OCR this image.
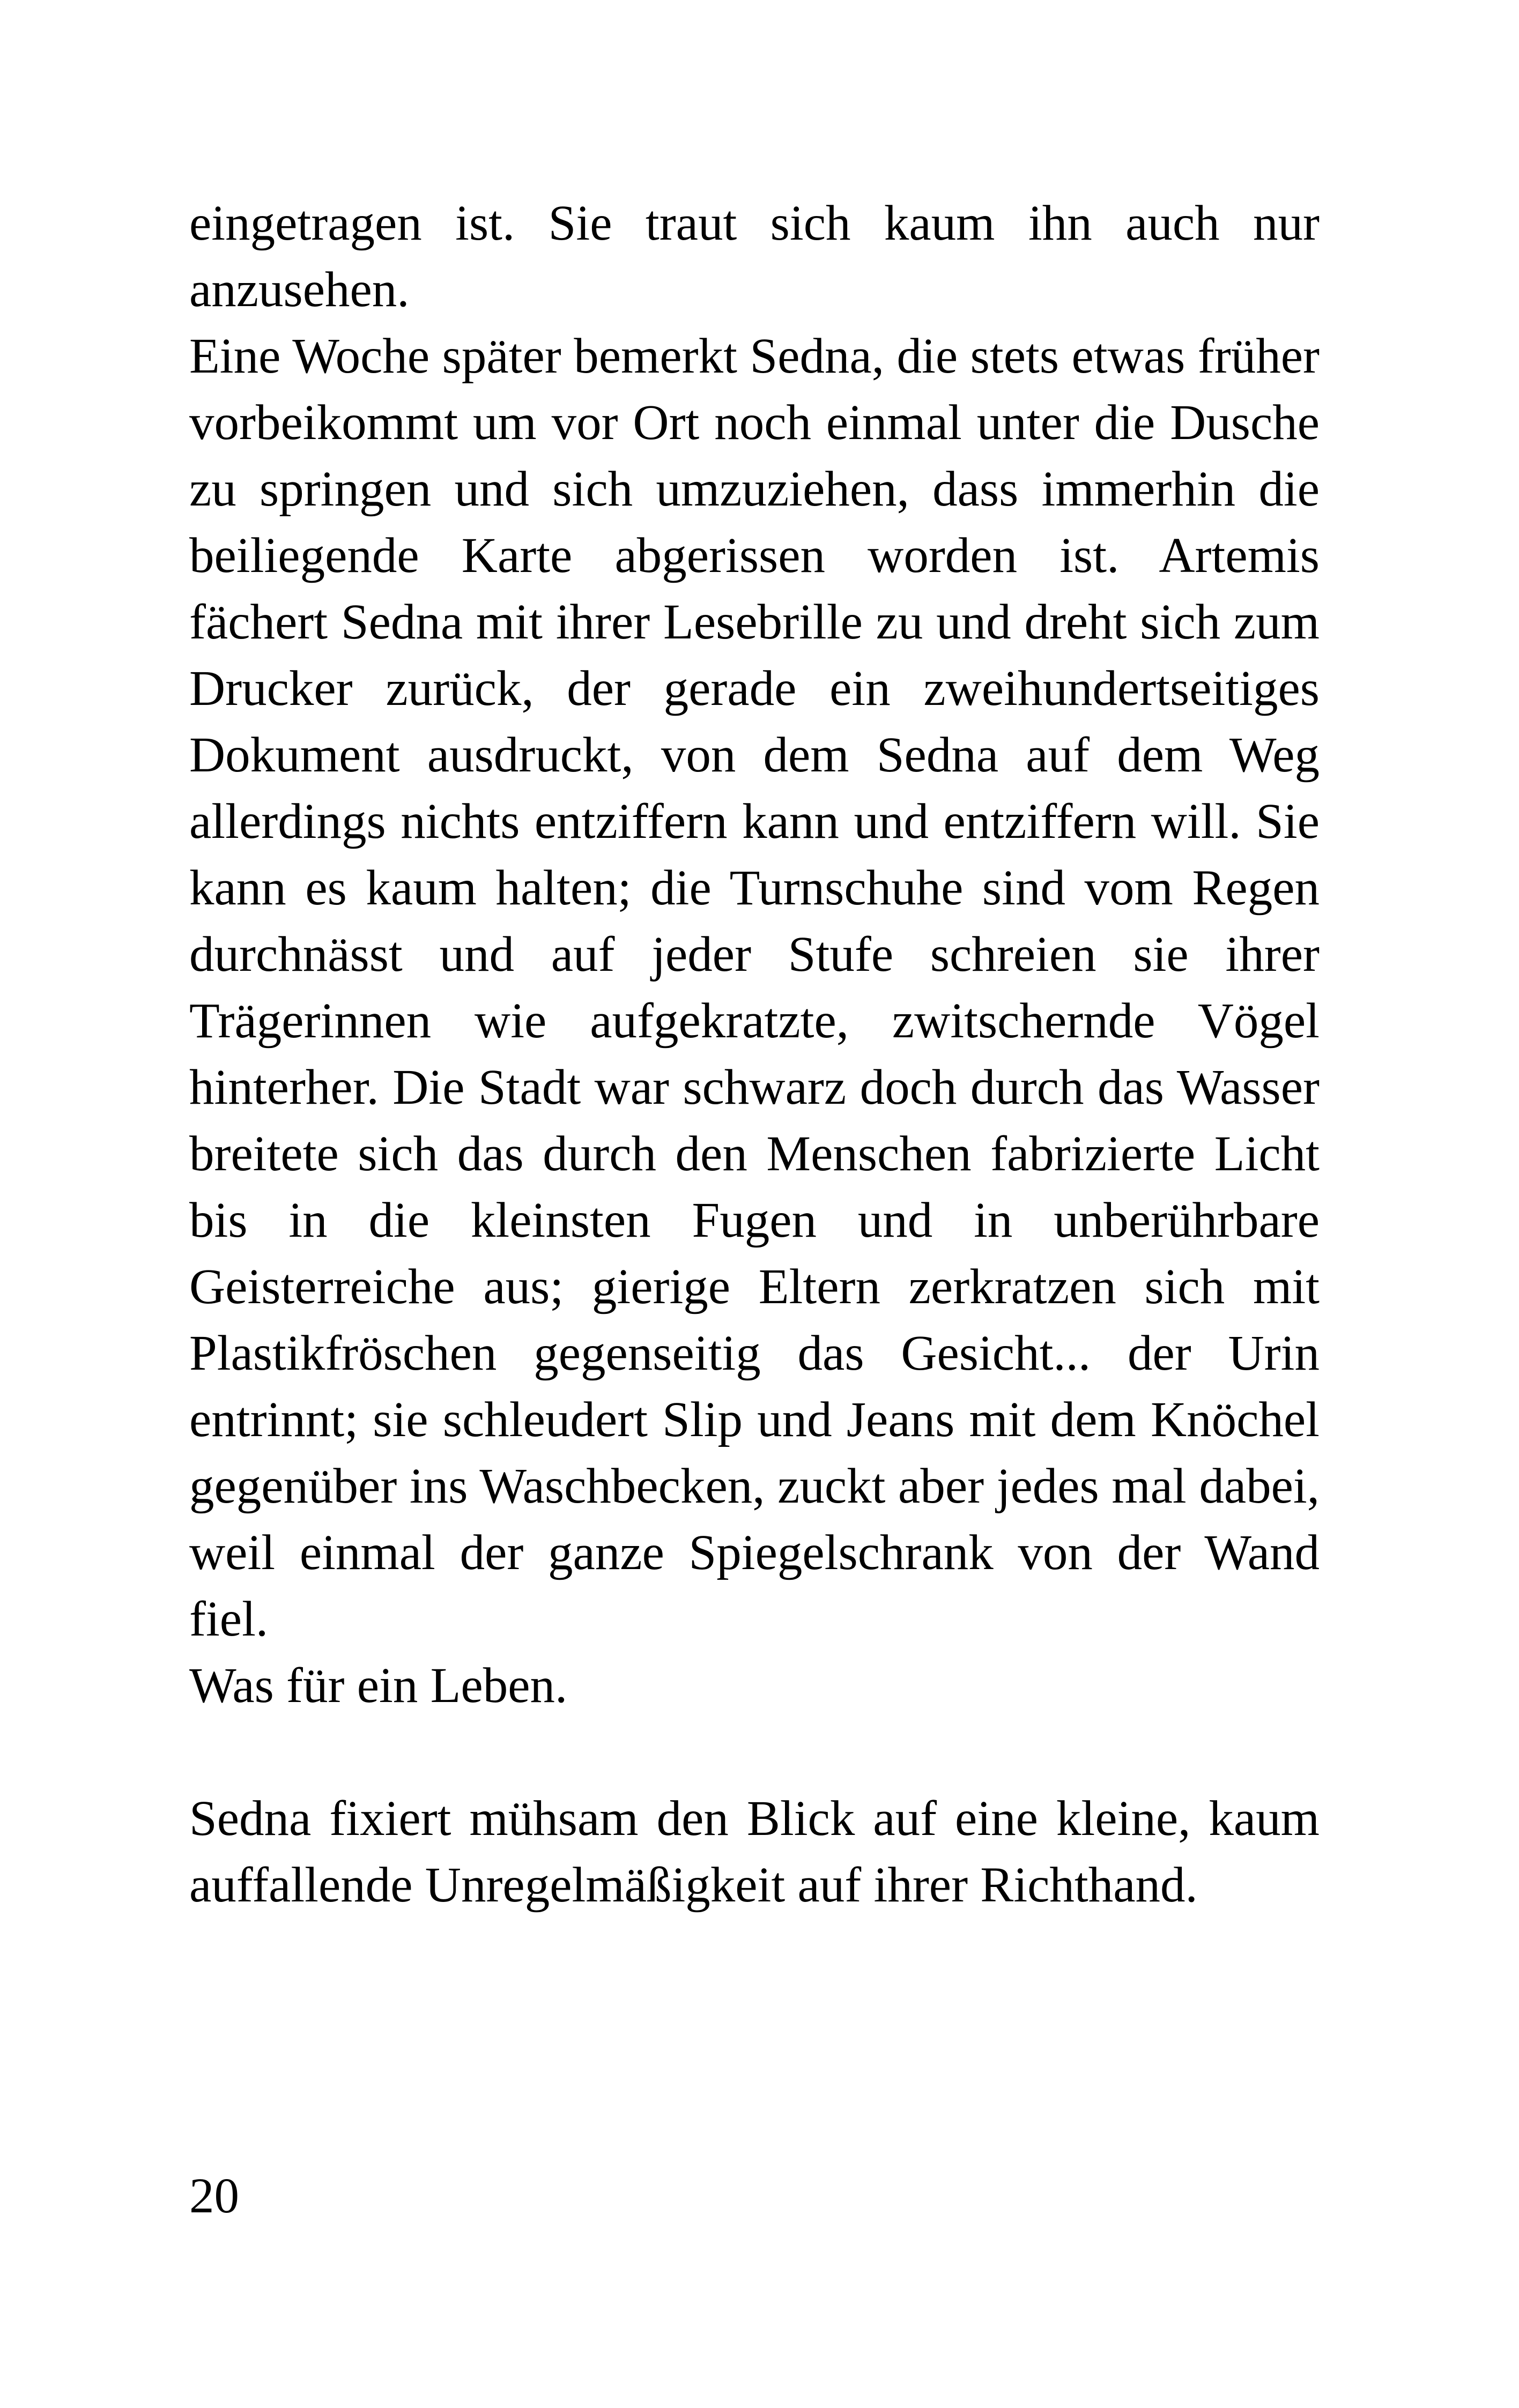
eingetragen ist. Sie traut sich kaum ihn auch nur anzusehen.

Eine Woche später bemerkt Sedna, die stets etwas früher vorbeikommt um vor Ort noch einmal unter die Dusche zu springen und sich umzuziehen, dass immerhin die beiliegende Karte abgerissen worden ist. Artemis fächert Sedna mit ihrer Lesebrille zu und dreht sich zum Drucker zurück, der gerade ein zweihundertseitiges Dokument ausdruckt, von dem Sedna auf dem Weg allerdings nichts entziffern kann und entziffern will. Sie kann es kaum halten; die Turnschuhe sind vom Regen durchnässt und auf jeder Stufe schreien sie ihrer Trägerinnen wie aufgekratzte, zwitschernde Vögel hinterher. Die Stadt war schwarz doch durch das Wasser breitete sich das durch den Menschen fabrizierte Licht bis in die kleinsten Fugen und in unberührbare Geisterreiche aus; gierige Eltern zerkratzen sich mit Plastikfröschen gegenseitig das Gesicht... der Urin entrinnt; sie schleudert Slip und Jeans mit dem Knöchel gegenüber ins Waschbecken, zuckt aber jedes mal dabei, weil einmal der ganze Spiegelschrank von der Wand fiel.

Was für ein Leben.

Sedna fixiert mühsam den Blick auf eine kleine, kaum auffallende Unregelmäßigkeit auf ihrer Richthand.

20
